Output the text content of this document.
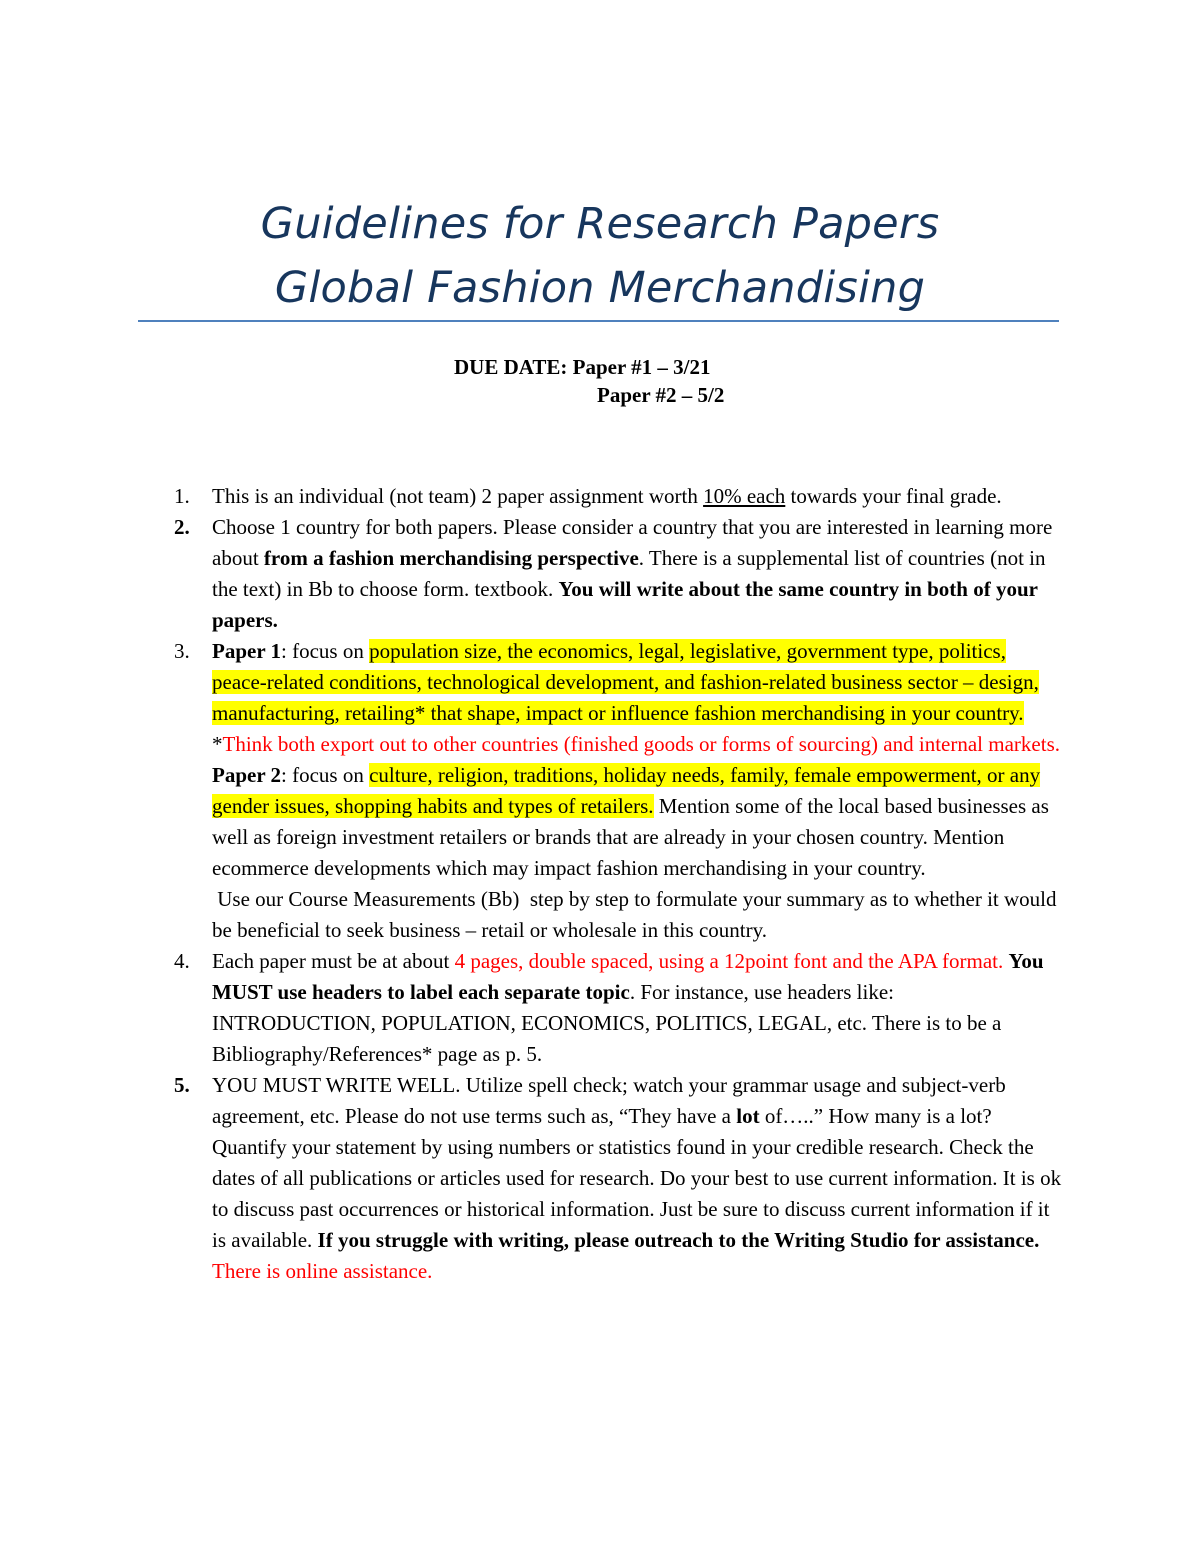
Guidelines for Research Papers
Global Fashion Merchandising
DUE DATE: Paper #1 – 3/21
Paper #2 – 5/2
1.	This is an individual (not team) 2 paper assignment worth 10% each towards your final grade.
2.	Choose 1 country for both papers. Please consider a country that you are interested in learning more about from a fashion merchandising perspective. There is a supplemental list of countries (not in the text) in Bb to choose form. textbook. You will write about the same country in both of your papers.
3.	Paper 1: focus on population size, the economics, legal, legislative, government type, politics, peace-related conditions, technological development, and fashion-related business sector – design, manufacturing, retailing* that shape, impact or influence fashion merchandising in your country. *Think both export out to other countries (finished goods or forms of sourcing) and internal markets.
Paper 2: focus on culture, religion, traditions, holiday needs, family, female empowerment, or any gender issues, shopping habits and types of retailers. Mention some of the local based businesses as well as foreign investment retailers or brands that are already in your chosen country. Mention ecommerce developments which may impact fashion merchandising in your country.
Use our Course Measurements (Bb)  step by step to formulate your summary as to whether it would be beneficial to seek business – retail or wholesale in this country.
4.	Each paper must be at about 4 pages, double spaced, using a 12point font and the APA format. You MUST use headers to label each separate topic. For instance, use headers like: INTRODUCTION, POPULATION, ECONOMICS, POLITICS, LEGAL, etc. There is to be a Bibliography/References* page as p. 5.
5.	YOU MUST WRITE WELL. Utilize spell check; watch your grammar usage and subject-verb agreement, etc. Please do not use terms such as, “They have a lot of…..” How many is a lot? Quantify your statement by using numbers or statistics found in your credible research. Check the dates of all publications or articles used for research. Do your best to use current information. It is ok to discuss past occurrences or historical information. Just be sure to discuss current information if it is available. If you struggle with writing, please outreach to the Writing Studio for assistance. There is online assistance.
